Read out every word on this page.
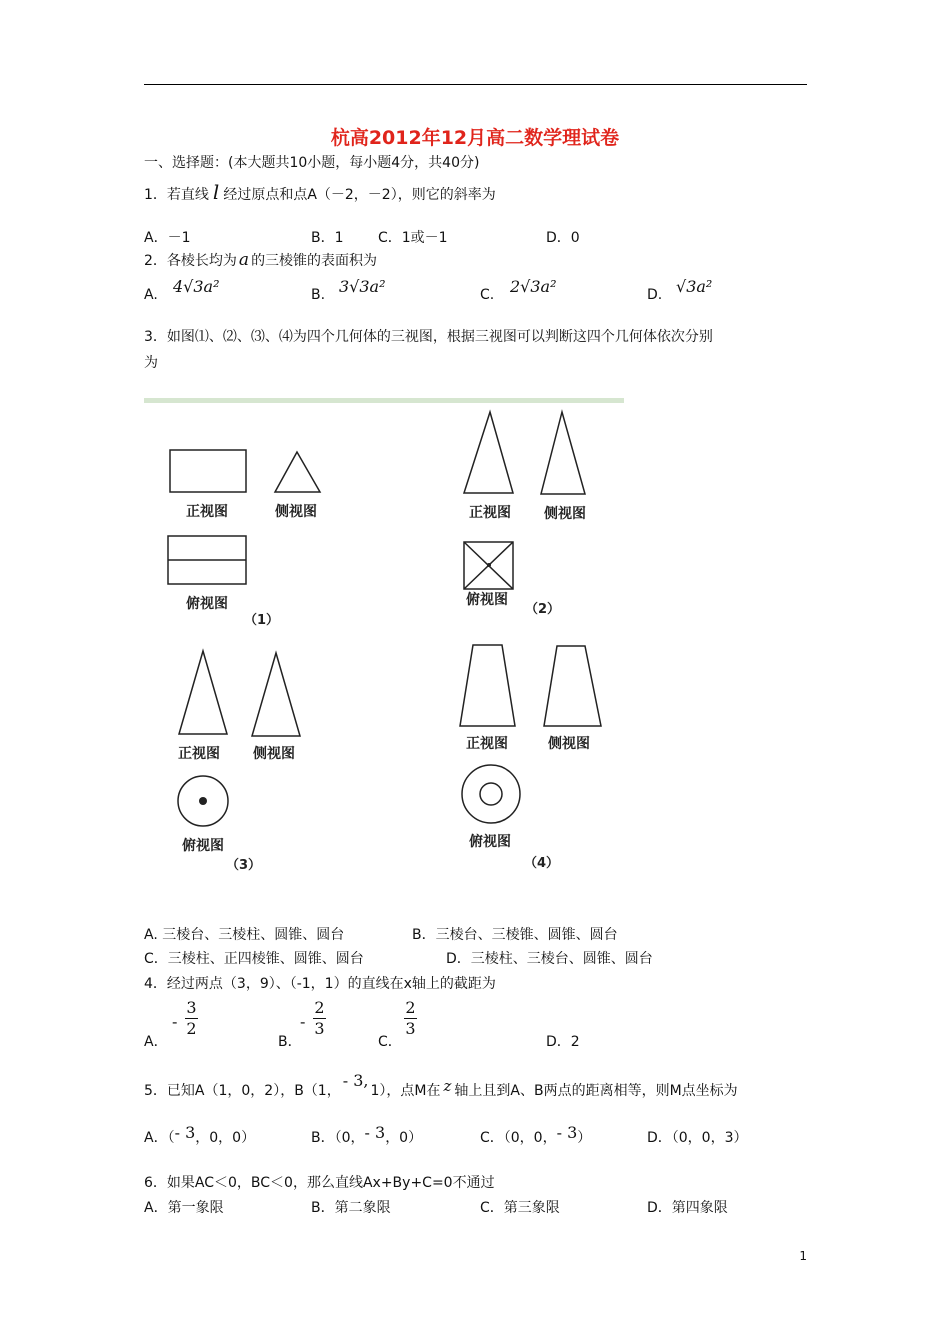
杭高2012年12月高二数学理试卷
一、选择题：(本大题共10小题，每小题4分，共40分)
1．若直线 l 经过原点和点A（－2，－2），则它的斜率为
A．－1	B．1 C．1或－1	D．0
2．各棱长均为 a 的三棱锥的表面积为
A. 4√3a²	B. 3√3a²	C. 2√3a²	D. √3a²
3．如图⑴、⑵、⑶、⑷为四个几何体的三视图，根据三视图可以判断这四个几何体依次分别
为
正视图	侧视图
俯视图
（1）
正视图 侧视图
俯视图
（2）
正视图 侧视图
俯视图
（3）
正视图	侧视图
俯视图
（4）
A. 三棱台、三棱柱、圆锥、圆台	B．三棱台、三棱锥、圆锥、圆台
C．三棱柱、正四棱锥、圆锥、圆台	D．三棱柱、三棱台、圆锥、圆台
4．经过两点（3，9）、（-1，1）的直线在x轴上的截距为
A．
-
3
2
B．
-
2
3
C．
2
3
D．2
5．已知A（1，0，2），B（1，- 3,1），点M在 z 轴上且到A、B两点的距离相等，则M点坐标为
A．（- 3，0，0）	B．（0，- 3，0）	C．（0，0，- 3）	D．（0，0，3）
6．如果AC＜0，BC＜0，那么直线Ax+By+C=0不通过
A．第一象限	B．第二象限	C．第三象限	D．第四象限
1
